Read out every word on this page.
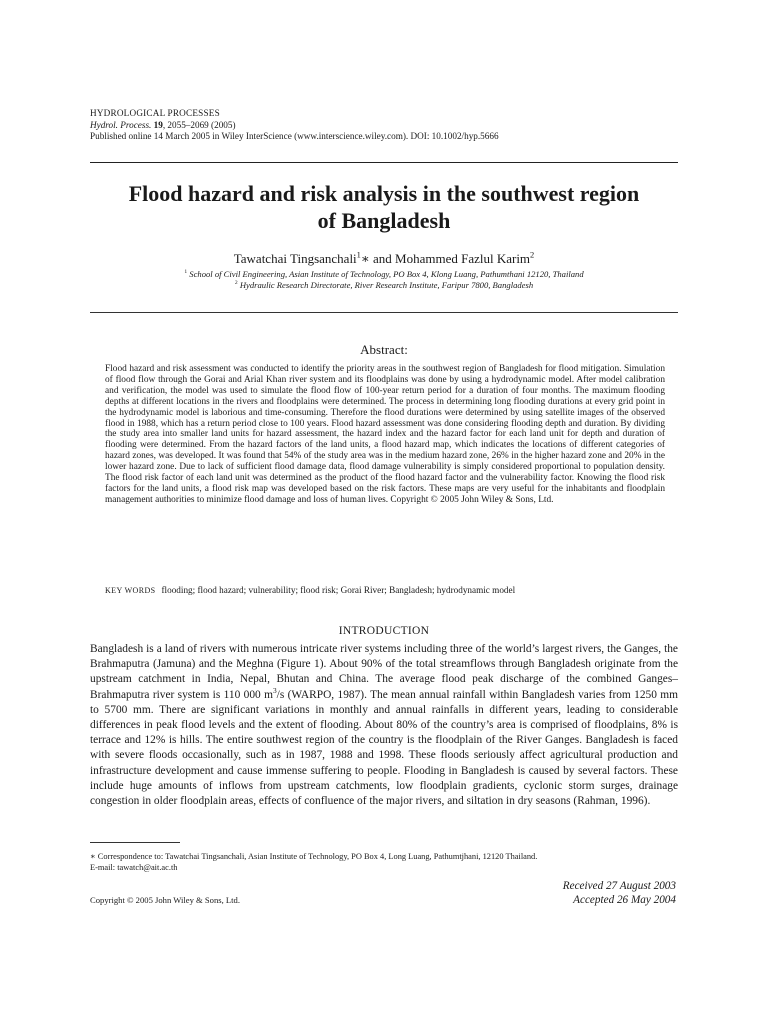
HYDROLOGICAL PROCESSES
Hydrol. Process. 19, 2055–2069 (2005)
Published online 14 March 2005 in Wiley InterScience (www.interscience.wiley.com). DOI: 10.1002/hyp.5666
Flood hazard and risk analysis in the southwest region
of Bangladesh
Tawatchai Tingsanchali$^1$∗ and Mohammed Fazlul Karim$^2$
$^1$ School of Civil Engineering, Asian Institute of Technology, PO Box 4, Klong Luang, Pathumthani 12120, Thailand
$^2$ Hydraulic Research Directorate, River Research Institute, Faripur 7800, Bangladesh
Abstract:
Flood hazard and risk assessment was conducted to identify the priority areas in the southwest region of Bangladesh for flood mitigation. Simulation of flood flow through the Gorai and Arial Khan river system and its floodplains was done by using a hydrodynamic model. After model calibration and verification, the model was used to simulate the flood flow of 100-year return period for a duration of four months. The maximum flooding depths at different locations in the rivers and floodplains were determined. The process in determining long flooding durations at every grid point in the hydrodynamic model is laborious and time-consuming. Therefore the flood durations were determined by using satellite images of the observed flood in 1988, which has a return period close to 100 years. Flood hazard assessment was done considering flooding depth and duration. By dividing the study area into smaller land units for hazard assessment, the hazard index and the hazard factor for each land unit for depth and duration of flooding were determined. From the hazard factors of the land units, a flood hazard map, which indicates the locations of different categories of hazard zones, was developed. It was found that 54% of the study area was in the medium hazard zone, 26% in the higher hazard zone and 20% in the lower hazard zone. Due to lack of sufficient flood damage data, flood damage vulnerability is simply considered proportional to population density. The flood risk factor of each land unit was determined as the product of the flood hazard factor and the vulnerability factor. Knowing the flood risk factors for the land units, a flood risk map was developed based on the risk factors. These maps are very useful for the inhabitants and floodplain management authorities to minimize flood damage and loss of human lives. Copyright © 2005 John Wiley & Sons, Ltd.
KEY WORDS flooding; flood hazard; vulnerability; flood risk; Gorai River; Bangladesh; hydrodynamic model
INTRODUCTION
Bangladesh is a land of rivers with numerous intricate river systems including three of the world’s largest rivers, the Ganges, the Brahmaputra (Jamuna) and the Meghna (Figure 1). About 90% of the total streamflows through Bangladesh originate from the upstream catchment in India, Nepal, Bhutan and China. The average flood peak discharge of the combined Ganges–Brahmaputra river system is 110 000 $m^3/s$ (WARPO, 1987). The mean annual rainfall within Bangladesh varies from 1250 mm to 5700 mm. There are significant variations in monthly and annual rainfalls in different years, leading to considerable differences in peak flood levels and the extent of flooding. About 80% of the country’s area is comprised of floodplains, 8% is terrace and 12% is hills. The entire southwest region of the country is the floodplain of the River Ganges. Bangladesh is faced with severe floods occasionally, such as in 1987, 1988 and 1998. These floods seriously affect agricultural production and infrastructure development and cause immense suffering to people. Flooding in Bangladesh is caused by several factors. These include huge amounts of inflows from upstream catchments, low floodplain gradients, cyclonic storm surges, drainage congestion in older floodplain areas, effects of confluence of the major rivers, and siltation in dry seasons (Rahman, 1996).
∗ Correspondence to: Tawatchai Tingsanchali, Asian Institute of Technology, PO Box 4, Long Luang, Pathumtjhani, 12120 Thailand.
E-mail: tawatch@ait.ac.th
Received 27 August 2003
Accepted 26 May 2004
Copyright © 2005 John Wiley & Sons, Ltd.
